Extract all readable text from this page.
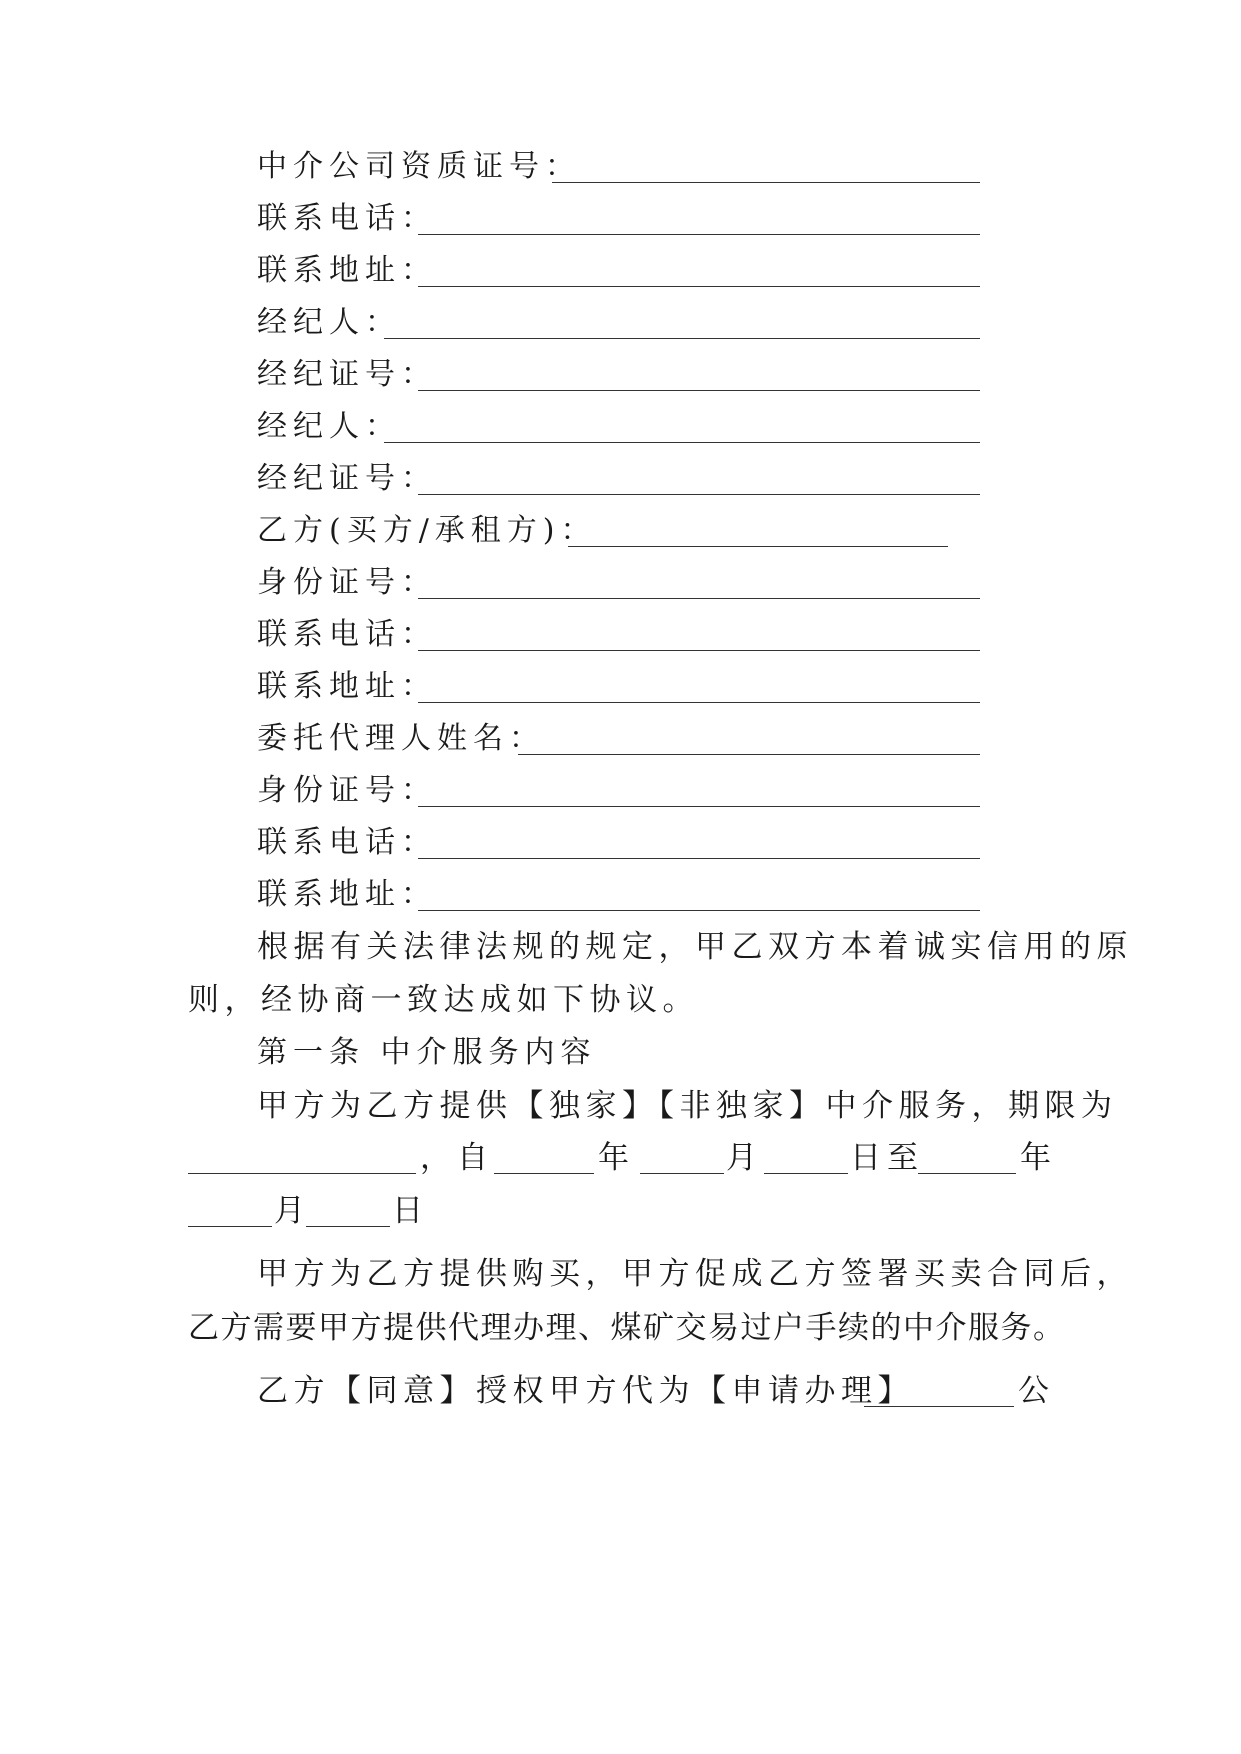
中介公司资质证号：
联系电话：
联系地址：
经纪人：
经纪证号：
经纪人：
经纪证号：
乙方(买方/承租方)：
身份证号：
联系电话：
联系地址：
委托代理人姓名：
身份证号：
联系电话：
联系地址：
根据有关法律法规的规定，甲乙双方本着诚实信用的原
则，经协商一致达成如下协议。
第一条 中介服务内容
甲方为乙方提供【独家】【非独家】中介服务，期限为
，自	年	月	日至	年
月	日
甲方为乙方提供购买，甲方促成乙方签署买卖合同后，
乙方需要甲方提供代理办理、煤矿交易过户手续的中介服务。
乙方【同意】授权甲方代为【申请办理】	公
